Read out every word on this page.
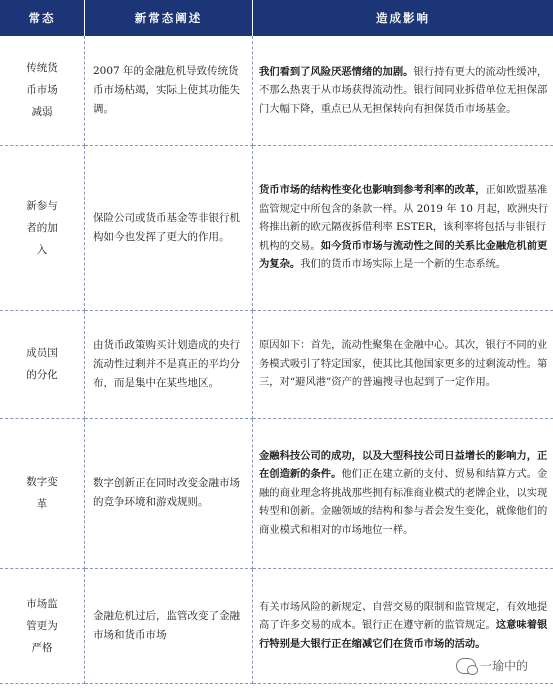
常态	新常态阐述	造成影响
传统货币市场减弱	2007 年的金融危机导致传统货币市场枯竭，实际上使其功能失调。	我们看到了风险厌恶情绪的加剧。银行持有更大的流动性缓冲，不那么热衷于从市场获得流动性。银行间同业拆借单位无担保部门大幅下降，重点已从无担保转向有担保货币市场基金。

新参与者的加入	保险公司或货币基金等非银行机构如今也发挥了更大的作用。	货币市场的结构性变化也影响到参考利率的改革，正如欧盟基准监管规定中所包含的条款一样。从 2019 年 10 月起，欧洲央行将推出新的欧元隔夜拆借利率 ESTER，该利率将包括与非银行机构的交易。如今货币市场与流动性之间的关系比金融危机前更为复杂。我们的货币市场实际上是一个新的生态系统。

成员国的分化	由货币政策购买计划造成的央行流动性过剩并不是真正的平均分布，而是集中在某些地区。	原因如下：首先，流动性聚集在金融中心。其次，银行不同的业务模式吸引了特定国家，使其比其他国家更多的过剩流动性。第三，对“避风港”资产的普遍搜寻也起到了一定作用。

数字变革	数字创新正在同时改变金融市场的竞争环境和游戏规则。	金融科技公司的成功，以及大型科技公司日益增长的影响力，正在创造新的条件。他们正在建立新的支付、贸易和结算方式。金融的商业理念将挑战那些拥有标准商业模式的老牌企业，以实现转型和创新。金融领域的结构和参与者会发生变化，就像他们的商业模式和相对的市场地位一样。

市场监管更为严格	金融危机过后，监管改变了金融市场和货币市场	有关市场风险的新规定、自营交易的限制和监管规定，有效地提高了许多交易的成本。银行正在遵守新的监管规定。这意味着银行特别是大银行正在缩减它们在货币市场的活动。
一瑜中的
